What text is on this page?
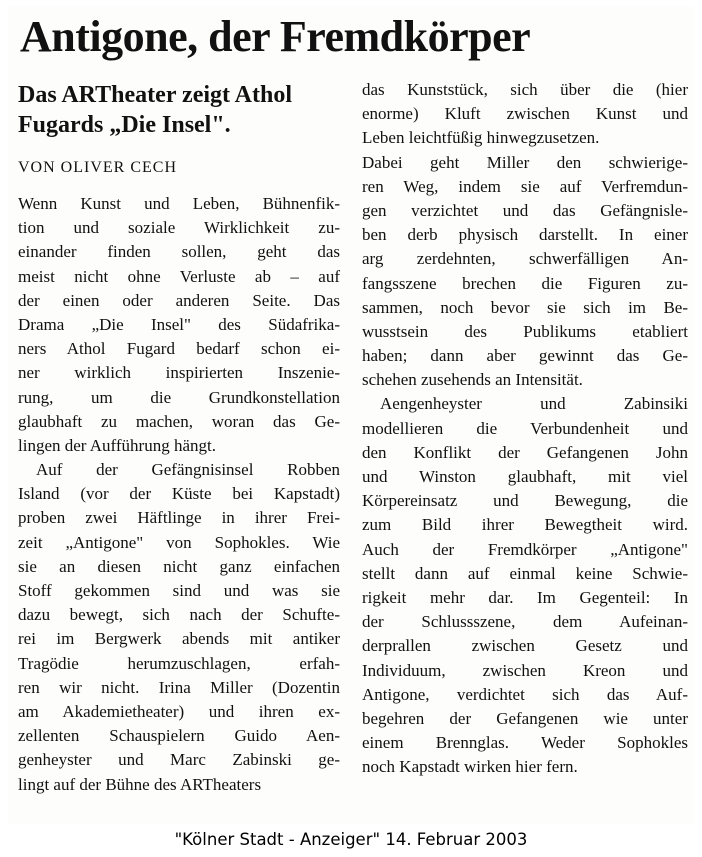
Antigone, der Fremdkörper
Das ARTheater zeigt Athol
Fugards „Die Insel".
VON OLIVER CECH
Wenn Kunst und Leben, Bühnenfik-
tion und soziale Wirklichkeit zu-
einander finden sollen, geht das
meist nicht ohne Verluste ab – auf
der einen oder anderen Seite. Das
Drama „Die Insel" des Südafrika-
ners Athol Fugard bedarf schon ei-
ner wirklich inspirierten Inszenie-
rung, um die Grundkonstellation
glaubhaft zu machen, woran das Ge-
lingen der Aufführung hängt.
Auf der Gefängnisinsel Robben
Island (vor der Küste bei Kapstadt)
proben zwei Häftlinge in ihrer Frei-
zeit „Antigone" von Sophokles. Wie
sie an diesen nicht ganz einfachen
Stoff gekommen sind und was sie
dazu bewegt, sich nach der Schufte-
rei im Bergwerk abends mit antiker
Tragödie herumzuschlagen, erfah-
ren wir nicht. Irina Miller (Dozentin
am Akademietheater) und ihren ex-
zellenten Schauspielern Guido Aen-
genheyster und Marc Zabinski ge-
lingt auf der Bühne des ARTheaters
das Kunststück, sich über die (hier
enorme) Kluft zwischen Kunst und
Leben leichtfüßig hinwegzusetzen.
Dabei geht Miller den schwierige-
ren Weg, indem sie auf Verfremdun-
gen verzichtet und das Gefängnisle-
ben derb physisch darstellt. In einer
arg zerdehnten, schwerfälligen An-
fangsszene brechen die Figuren zu-
sammen, noch bevor sie sich im Be-
wusstsein des Publikums etabliert
haben; dann aber gewinnt das Ge-
schehen zusehends an Intensität.
Aengenheyster und Zabinsiki
modellieren die Verbundenheit und
den Konflikt der Gefangenen John
und Winston glaubhaft, mit viel
Körpereinsatz und Bewegung, die
zum Bild ihrer Bewegtheit wird.
Auch der Fremdkörper „Antigone"
stellt dann auf einmal keine Schwie-
rigkeit mehr dar. Im Gegenteil: In
der Schlussszene, dem Aufeinan-
derprallen zwischen Gesetz und
Individuum, zwischen Kreon und
Antigone, verdichtet sich das Auf-
begehren der Gefangenen wie unter
einem Brennglas. Weder Sophokles
noch Kapstadt wirken hier fern.
"Kölner Stadt - Anzeiger" 14. Februar 2003
